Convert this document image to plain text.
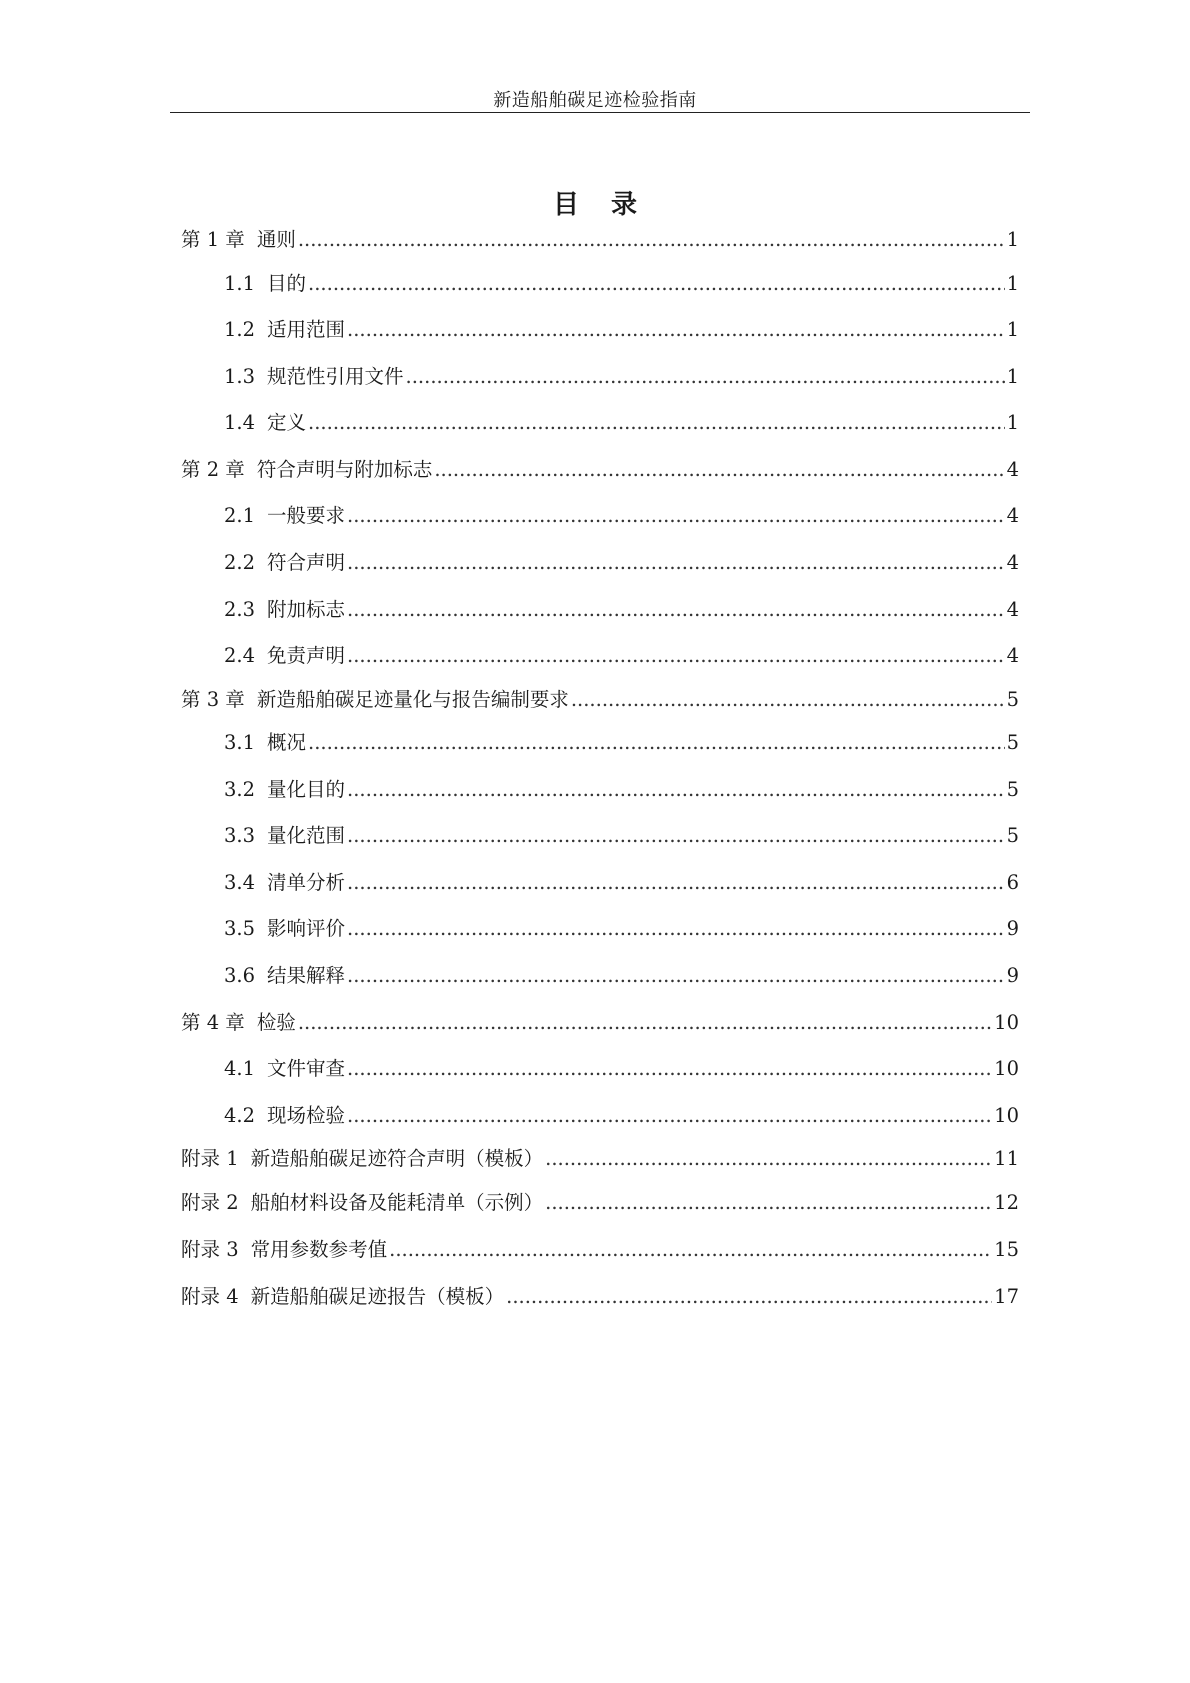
新造船舶碳足迹检验指南
目录
第 1 章 通则 .....	1
1.1 目的 .....	1
1.2 适用范围 .....	1
1.3 规范性引用文件 .....	1
1.4 定义 .....	1
第 2 章 符合声明与附加标志 .....	4
2.1 一般要求 .....	4
2.2 符合声明 .....	4
2.3 附加标志 .....	4
2.4 免责声明 .....	4
第 3 章 新造船舶碳足迹量化与报告编制要求 .....	5
3.1 概况 .....	5
3.2 量化目的 .....	5
3.3 量化范围 .....	5
3.4 清单分析 .....	6
3.5 影响评价 .....	9
3.6 结果解释 .....	9
第 4 章 检验 .....	10
4.1 文件审查 .....	10
4.2 现场检验 .....	10
附录 1 新造船舶碳足迹符合声明（模板） .....	11
附录 2 船舶材料设备及能耗清单（示例） .....	12
附录 3 常用参数参考值 .....	15
附录 4 新造船舶碳足迹报告（模板） .....	17
